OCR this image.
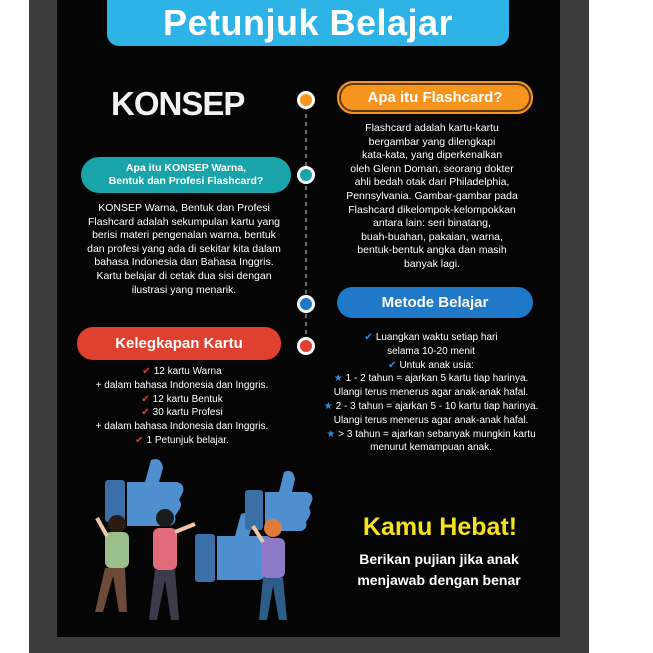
Petunjuk Belajar
KONSEP	Apa itu Flashcard?
Flashcard adalah kartu-kartu
bergambar yang dilengkapi
kata-kata, yang diperkenalkan
oleh Glenn Doman, seorang dokter
ahli bedah otak dari Philadelphia,
Pennsylvania. Gambar-gambar pada
Flashcard dikelompok-kelompokkan
antara lain: seri binatang,
buah-buahan, pakaian, warna,
bentuk-bentuk angka dan masih
banyak lagi.
Apa itu KONSEP Warna,
Bentuk dan Profesi Flashcard?
KONSEP Warna, Bentuk dan Profesi
Flashcard adalah sekumpulan kartu yang
berisi materi pengenalan warna, bentuk
dan profesi yang ada di sekitar kita dalam
bahasa Indonesia dan Bahasa Inggris.
Kartu belajar di cetak dua sisi dengan
ilustrasi yang menarik.
Metode Belajar
✔ Luangkan waktu setiap hari
selama 10-20 menit
✔ Untuk anak usia:
★ 1 - 2 tahun = ajarkan 5 kartu tiap harinya.
Ulangi terus menerus agar anak-anak hafal.
★ 2 - 3 tahun = ajarkan 5 - 10 kartu tiap harinya.
Ulangi terus menerus agar anak-anak hafal.
★ > 3 tahun = ajarkan sebanyak mungkin kartu
menurut kemampuan anak.
Kelegkapan Kartu
✔ 12 kartu Warna
+ dalam bahasa Indonesia dan Inggris.
✔ 12 kartu Bentuk
✔ 30 kartu Profesi
+ dalam bahasa Indonesia dan Inggris.
✔ 1 Petunjuk belajar.
Kamu Hebat!
Berikan pujian jika anak
menjawab dengan benar
